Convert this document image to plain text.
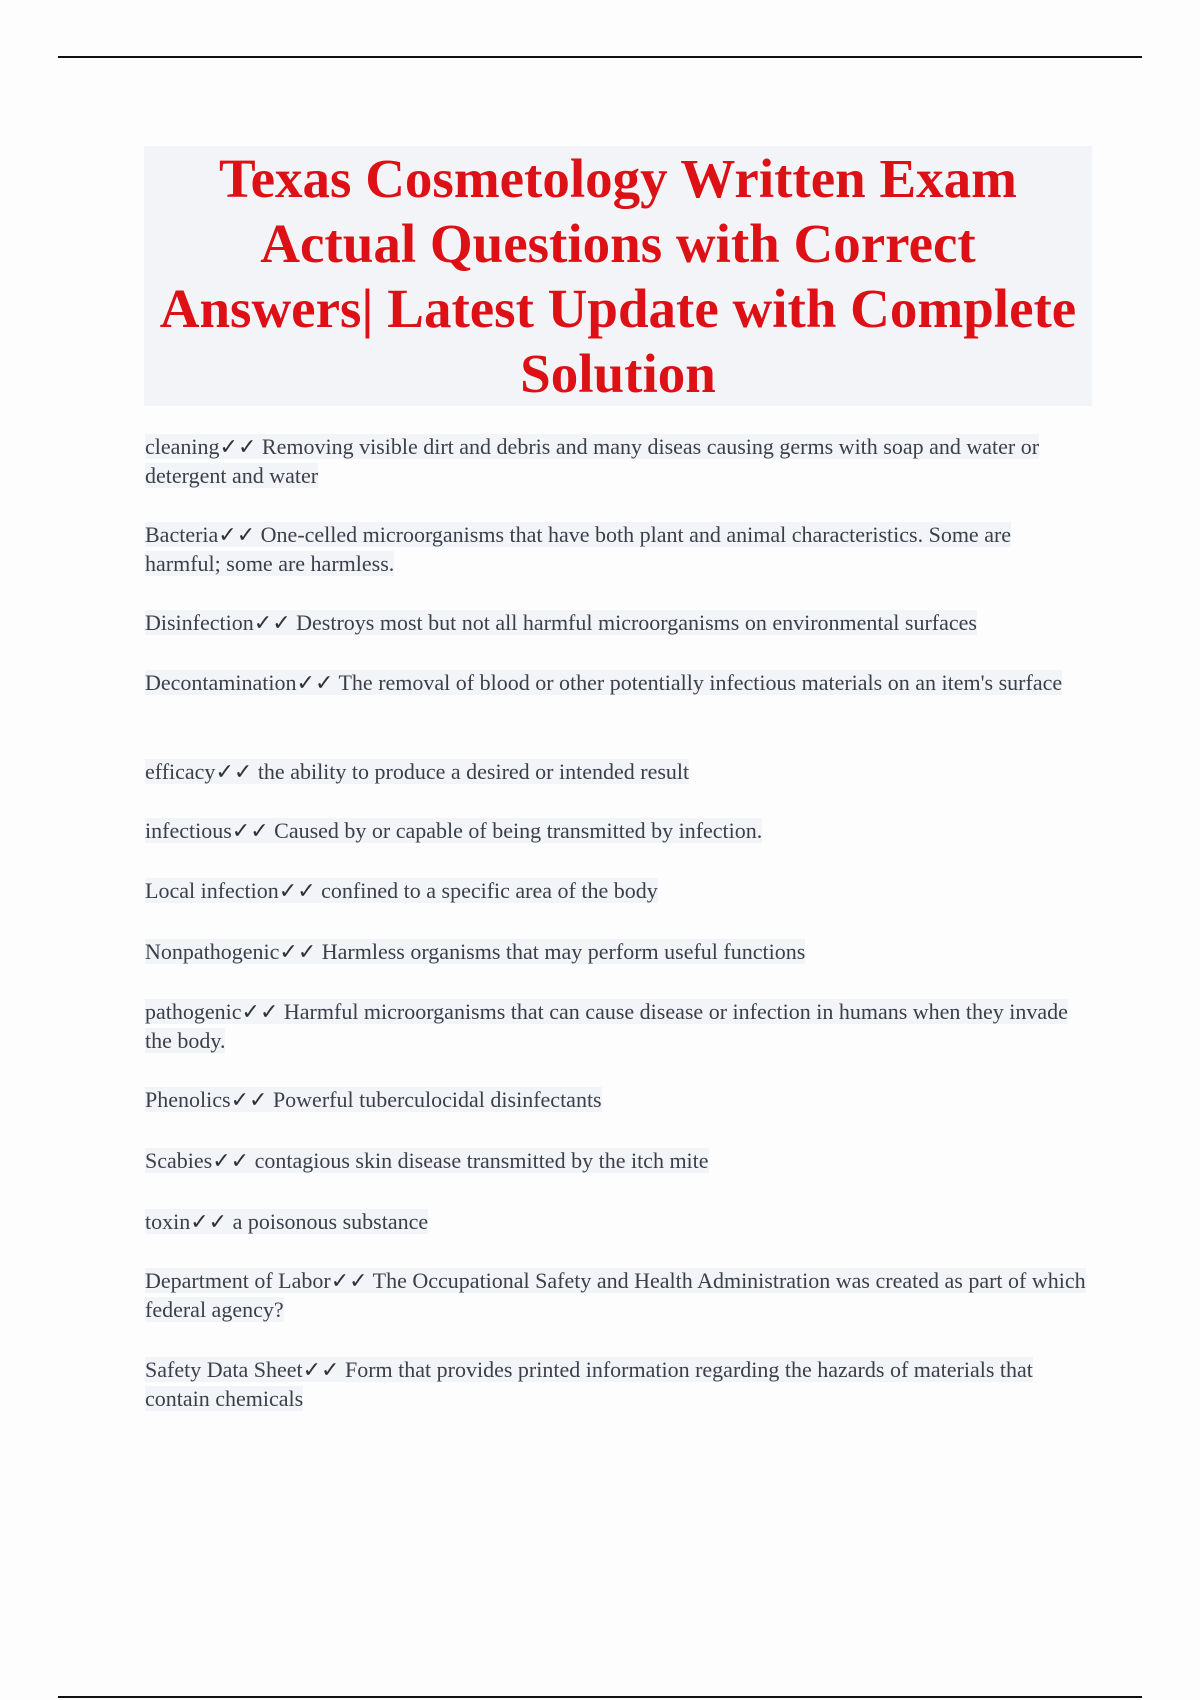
Texas Cosmetology Written Exam
Actual Questions with Correct
Answers| Latest Update with Complete
Solution
cleaning✓✓ Removing visible dirt and debris and many diseas causing germs with soap and water or detergent and water
Bacteria✓✓ One-celled microorganisms that have both plant and animal characteristics. Some are harmful; some are harmless.
Disinfection✓✓ Destroys most but not all harmful microorganisms on environmental surfaces
Decontamination✓✓ The removal of blood or other potentially infectious materials on an item's surface
efficacy✓✓ the ability to produce a desired or intended result
infectious✓✓ Caused by or capable of being transmitted by infection.
Local infection✓✓ confined to a specific area of the body
Nonpathogenic✓✓ Harmless organisms that may perform useful functions
pathogenic✓✓ Harmful microorganisms that can cause disease or infection in humans when they invade the body.
Phenolics✓✓ Powerful tuberculocidal disinfectants
Scabies✓✓ contagious skin disease transmitted by the itch mite
toxin✓✓ a poisonous substance
Department of Labor✓✓ The Occupational Safety and Health Administration was created as part of which federal agency?
Safety Data Sheet✓✓ Form that provides printed information regarding the hazards of materials that contain chemicals
